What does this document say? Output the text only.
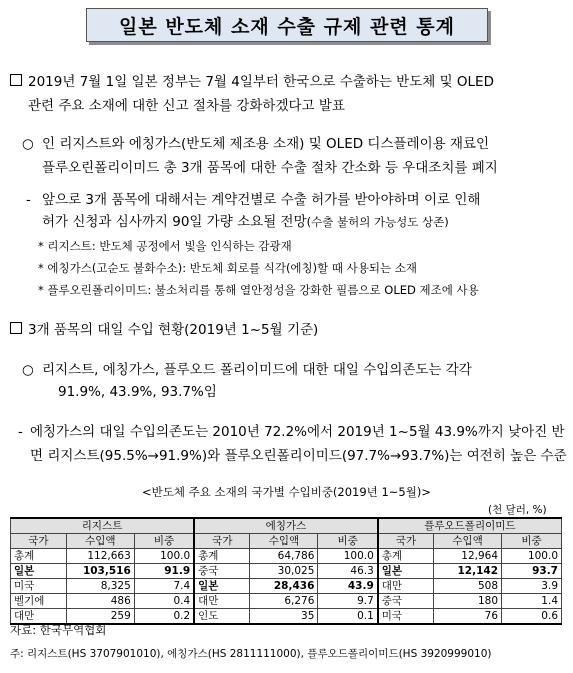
일본 반도체 소재 수출 규제 관련 통계
2019년 7월 1일 일본 정부는 7월 4일부터 한국으로 수출하는 반도체 및 OLED
관련 주요 소재에 대한 신고 절차를 강화하겠다고 발표
○ 인 리지스트와 에칭가스(반도체 제조용 소재) 및 OLED 디스플레이용 재료인
플루오린폴리이미드 총 3개 품목에 대한 수출 절차 간소화 등 우대조치를 폐지
- 앞으로 3개 품목에 대해서는 계약건별로 수출 허가를 받아야하며 이로 인해
허가 신청과 심사까지 90일 가량 소요될 전망(수출 불허의 가능성도 상존)
* 리지스트: 반도체 공정에서 빛을 인식하는 감광재
* 에칭가스(고순도 불화수소): 반도체 회로를 식각(에칭)할 때 사용되는 소재
* 플루오린폴리이미드: 불소처리를 통해 열안정성을 강화한 필름으로 OLED 제조에 사용
3개 품목의 대일 수입 현황(2019년 1~5월 기준)
○ 리지스트, 에칭가스, 플루오드 폴리이미드에 대한 대일 수입의존도는 각각
91.9%, 43.9%, 93.7%임
- 에칭가스의 대일 수입의존도는 2010년 72.2%에서 2019년 1~5월 43.9%까지 낮아진 반
면 리지스트(95.5%→91.9%)와 플루오린폴리이미드(97.7%→93.7%)는 여전히 높은 수준
<반도체 주요 소재의 국가별 수입비중(2019년 1~5월)>
(천 달러, %)
리지스트			에칭가스			플루오드폴리이미드		
국가	수입액	비중	국가	수입액	비중	국가	수입액	비중
총계	112,663	100.0	총계	64,786	100.0	총계	12,964	100.0
일본	103,516	91.9	중국	30,025	46.3	일본	12,142	93.7
미국	8,325	7.4	일본	28,436	43.9	대만	508	3.9
벨기에	486	0.4	대만	6,276	9.7	중국	180	1.4
대만	259	0.2	인도	35	0.1	미국	76	0.6
자료: 한국무역협회
주: 리지스트(HS 3707901010), 에칭가스(HS 2811111000), 플루오드폴리이미드(HS 3920999010)
